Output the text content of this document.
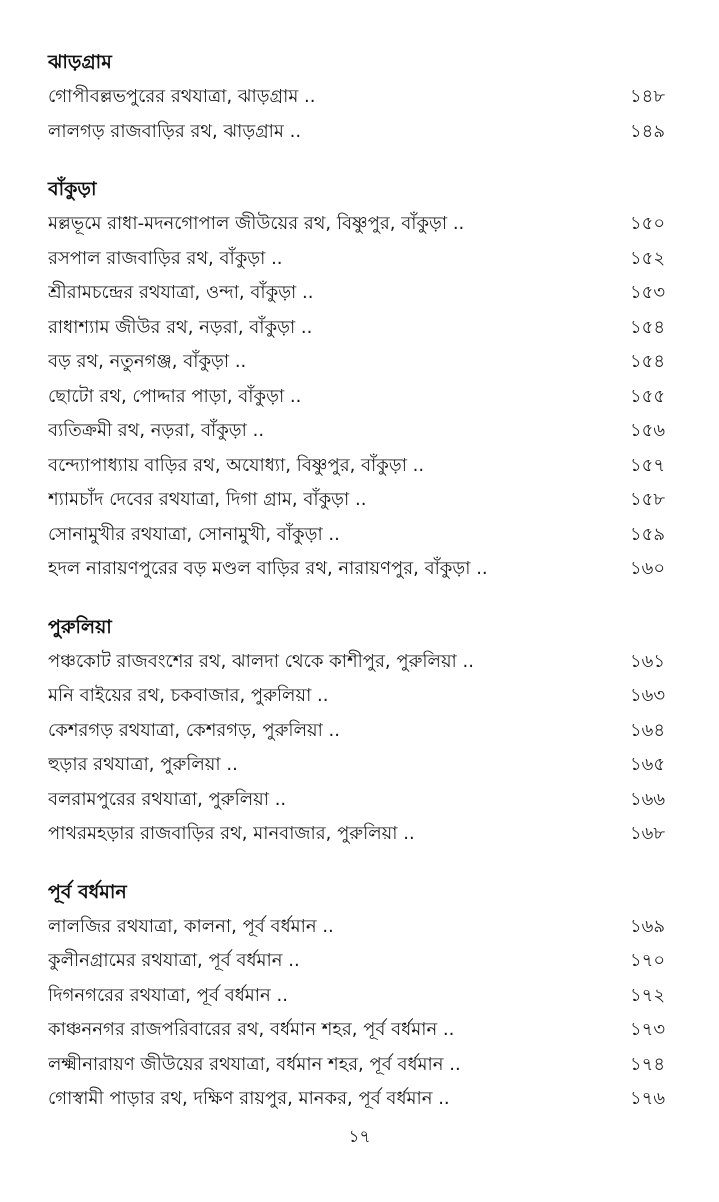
ঝাড়গ্রাম
গোপীবল্লভপুরের রথযাত্রা, ঝাড়গ্রাম ..	১৪৮
লালগড় রাজবাড়ির রথ, ঝাড়গ্রাম ..	১৪৯
বাঁকুড়া
মল্লভূমে রাধা-মদনগোপাল জীউয়ের রথ, বিষ্ণুপুর, বাঁকুড়া ..	১৫০
রসপাল রাজবাড়ির রথ, বাঁকুড়া ..	১৫২
শ্রীরামচন্দ্রের রথযাত্রা, ওন্দা, বাঁকুড়া ..	১৫৩
রাধাশ্যাম জীউর রথ, নড়রা, বাঁকুড়া ..	১৫৪
বড় রথ, নতুনগঞ্জ, বাঁকুড়া ..	১৫৪
ছোটো রথ, পোদ্দার পাড়া, বাঁকুড়া ..	১৫৫
ব্যতিক্রমী রথ, নড়রা, বাঁকুড়া ..	১৫৬
বন্দ্যোপাধ্যায় বাড়ির রথ, অযোধ্যা, বিষ্ণুপুর, বাঁকুড়া ..	১৫৭
শ্যামচাঁদ দেবের রথযাত্রা, দিগা গ্রাম, বাঁকুড়া ..	১৫৮
সোনামুখীর রথযাত্রা, সোনামুখী, বাঁকুড়া ..	১৫৯
হদল নারায়ণপুরের বড় মণ্ডল বাড়ির রথ, নারায়ণপুর, বাঁকুড়া ..	১৬০
পুরুলিয়া
পঞ্চকোট রাজবংশের রথ, ঝালদা থেকে কাশীপুর, পুরুলিয়া ..	১৬১
মনি বাইয়ের রথ, চকবাজার, পুরুলিয়া ..	১৬৩
কেশরগড় রথযাত্রা, কেশরগড়, পুরুলিয়া ..	১৬৪
হুড়ার রথযাত্রা, পুরুলিয়া ..	১৬৫
বলরামপুরের রথযাত্রা, পুরুলিয়া ..	১৬৬
পাথরমহড়ার রাজবাড়ির রথ, মানবাজার, পুরুলিয়া ..	১৬৮
পূর্ব বর্ধমান
লালজির রথযাত্রা, কালনা, পূর্ব বর্ধমান ..	১৬৯
কুলীনগ্রামের রথযাত্রা, পূর্ব বর্ধমান ..	১৭০
দিগনগরের রথযাত্রা, পূর্ব বর্ধমান ..	১৭২
কাঞ্চননগর রাজপরিবারের রথ, বর্ধমান শহর, পূর্ব বর্ধমান ..	১৭৩
লক্ষ্মীনারায়ণ জীউয়ের রথযাত্রা, বর্ধমান শহর, পূর্ব বর্ধমান ..	১৭৪
গোস্বামী পাড়ার রথ, দক্ষিণ রায়পুর, মানকর, পূর্ব বর্ধমান ..	১৭৬
১৭
